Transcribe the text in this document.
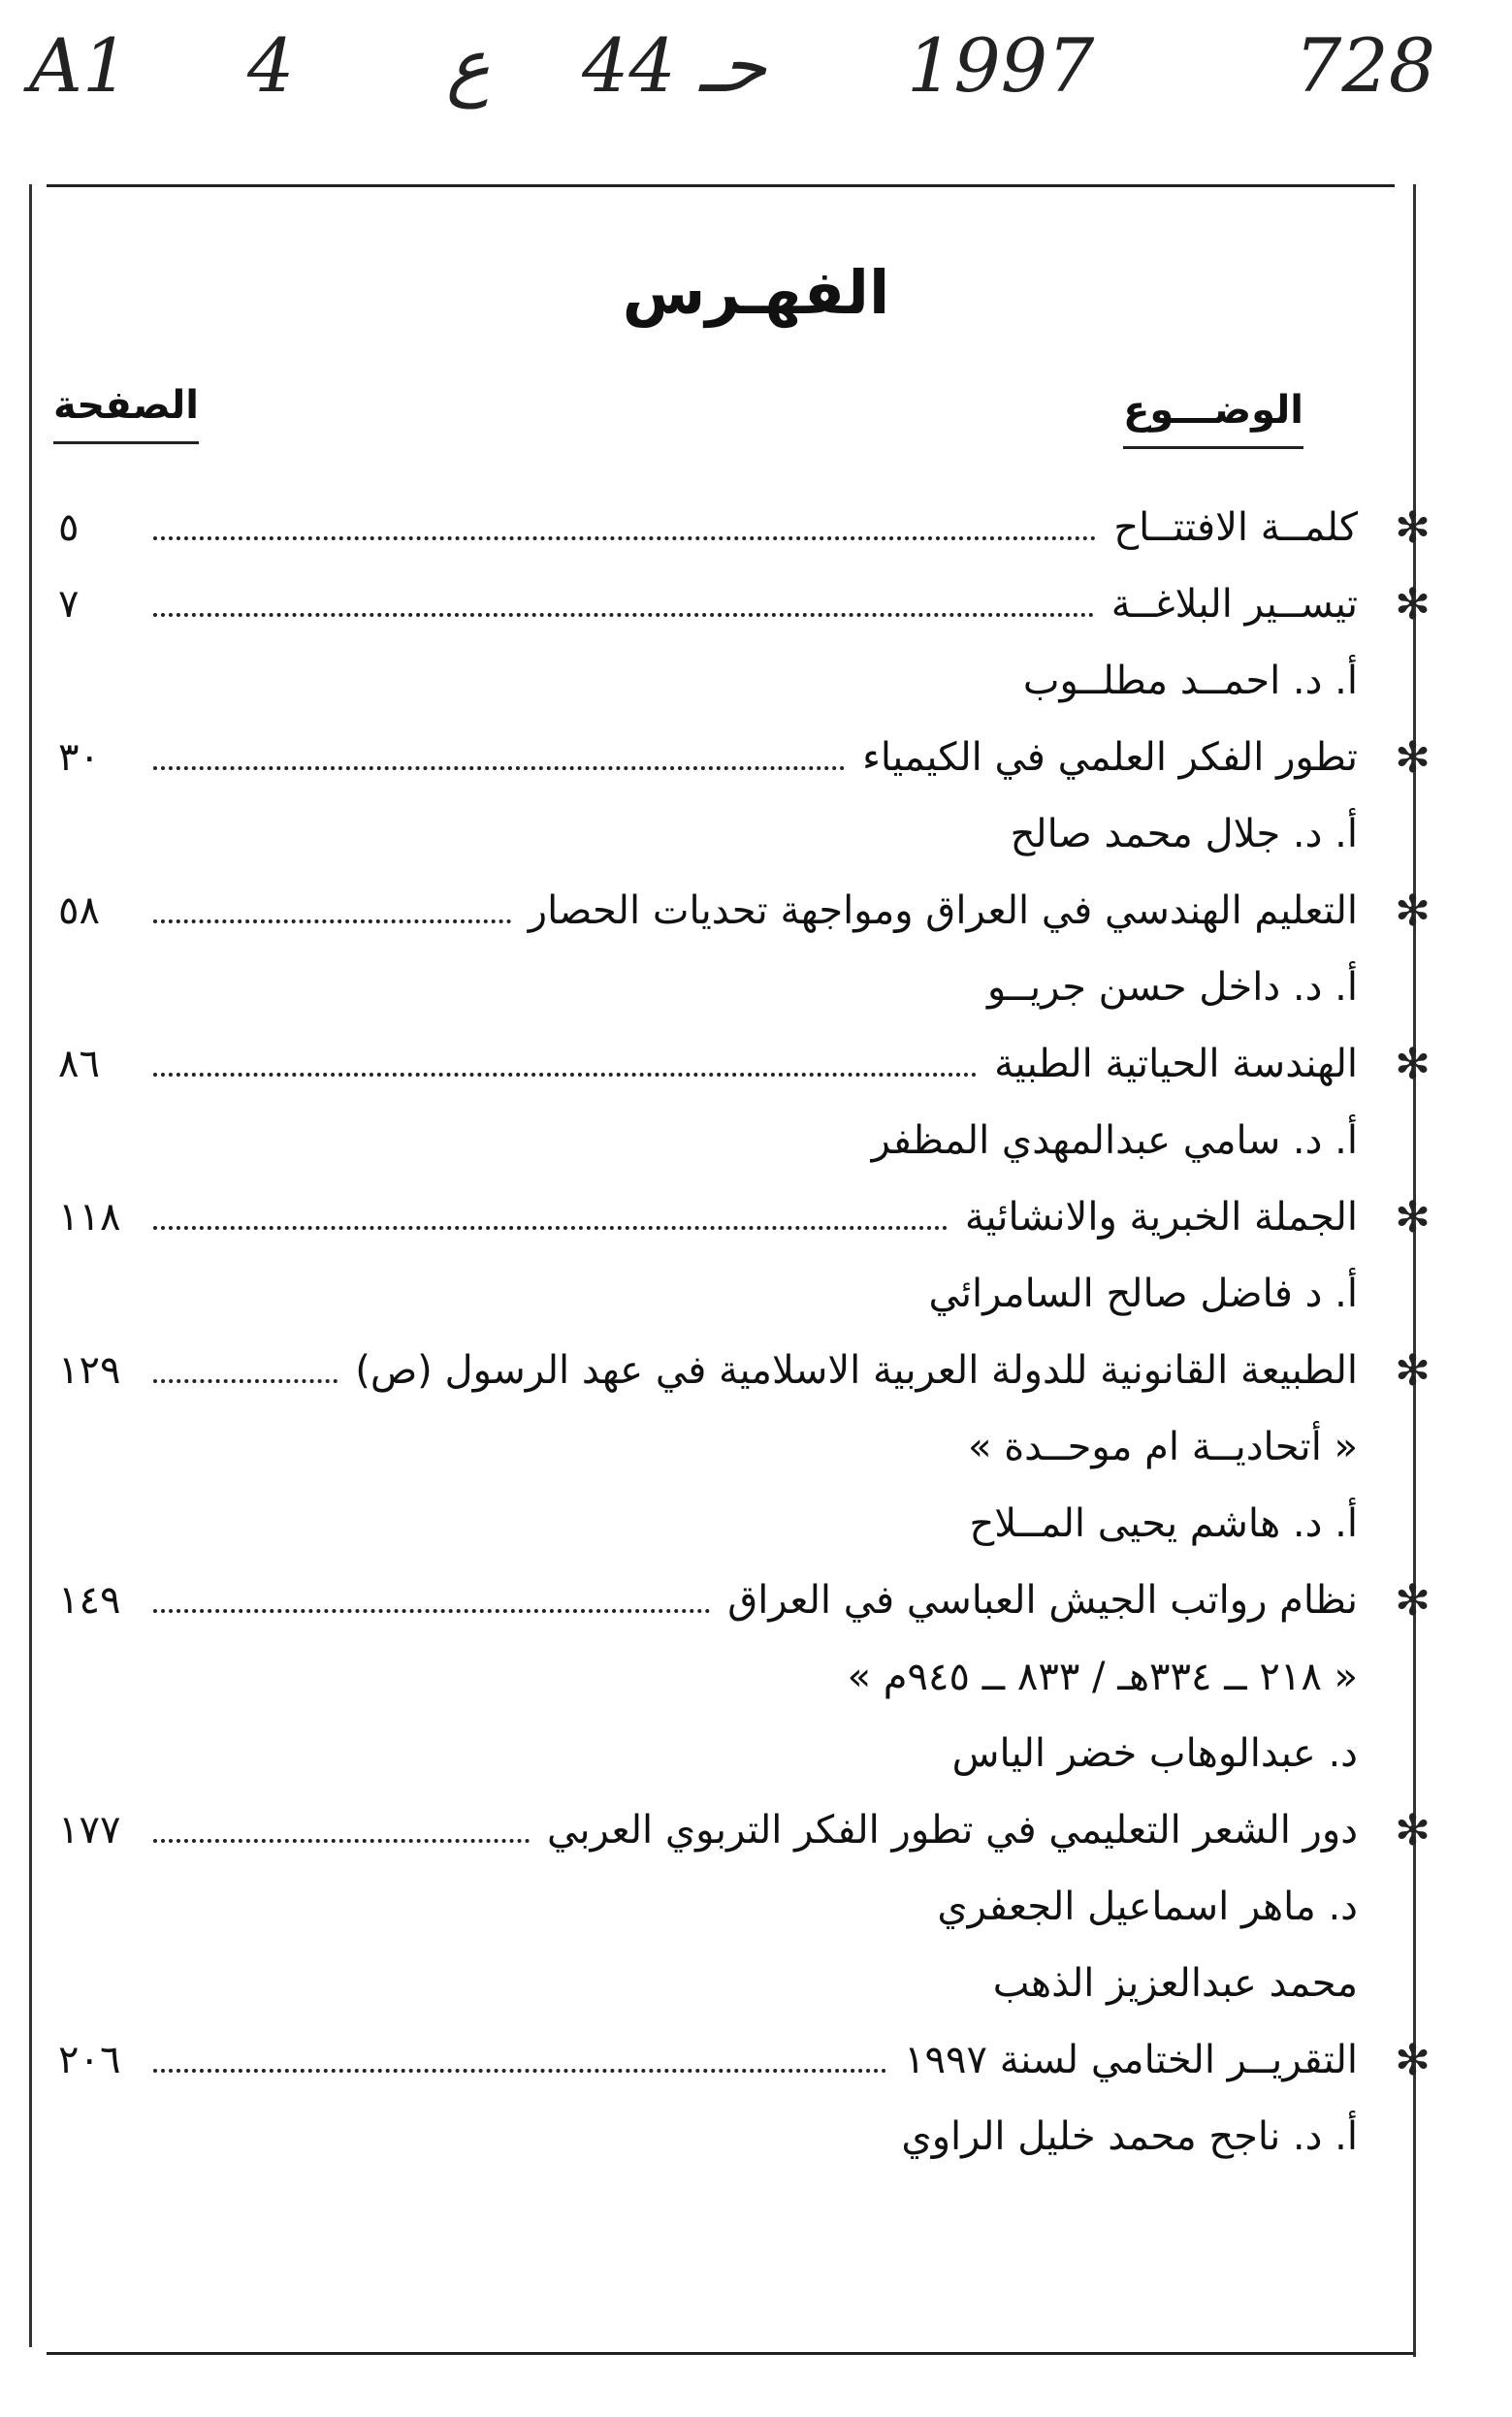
A1 4 ع 44 حـ 1997	728
الفهـرس
الوضـــوع
الصفحة
✻
كلمــة الافتتــاح
٥
✻
تيســير البلاغــة
٧
أ. د. احمــد مطلــوب
✻
تطور الفكر العلمي في الكيمياء
٣٠
أ. د. جلال محمد صالح
✻
التعليم الهندسي في العراق ومواجهة تحديات الحصار
٥٨
أ. د. داخل حسن جريــو
✻
الهندسة الحياتية الطبية
٨٦
أ. د. سامي عبدالمهدي المظفر
✻
الجملة الخبرية والانشائية
١١٨
أ. د فاضل صالح السامرائي
✻
الطبيعة القانونية للدولة العربية الاسلامية في عهد الرسول (ص)
١٢٩
« أتحاديــة ام موحــدة »
أ. د. هاشم يحيى المــلاح
✻
نظام رواتب الجيش العباسي في العراق
١٤٩
« ٢١٨ ــ ٣٣٤هـ / ٨٣٣ ــ ٩٤٥م »
د. عبدالوهاب خضر الياس
✻
دور الشعر التعليمي في تطور الفكر التربوي العربي
١٧٧
د. ماهر اسماعيل الجعفري
محمد عبدالعزيز الذهب
✻
التقريــر الختامي لسنة ١٩٩٧
٢٠٦
أ. د. ناجح محمد خليل الراوي
